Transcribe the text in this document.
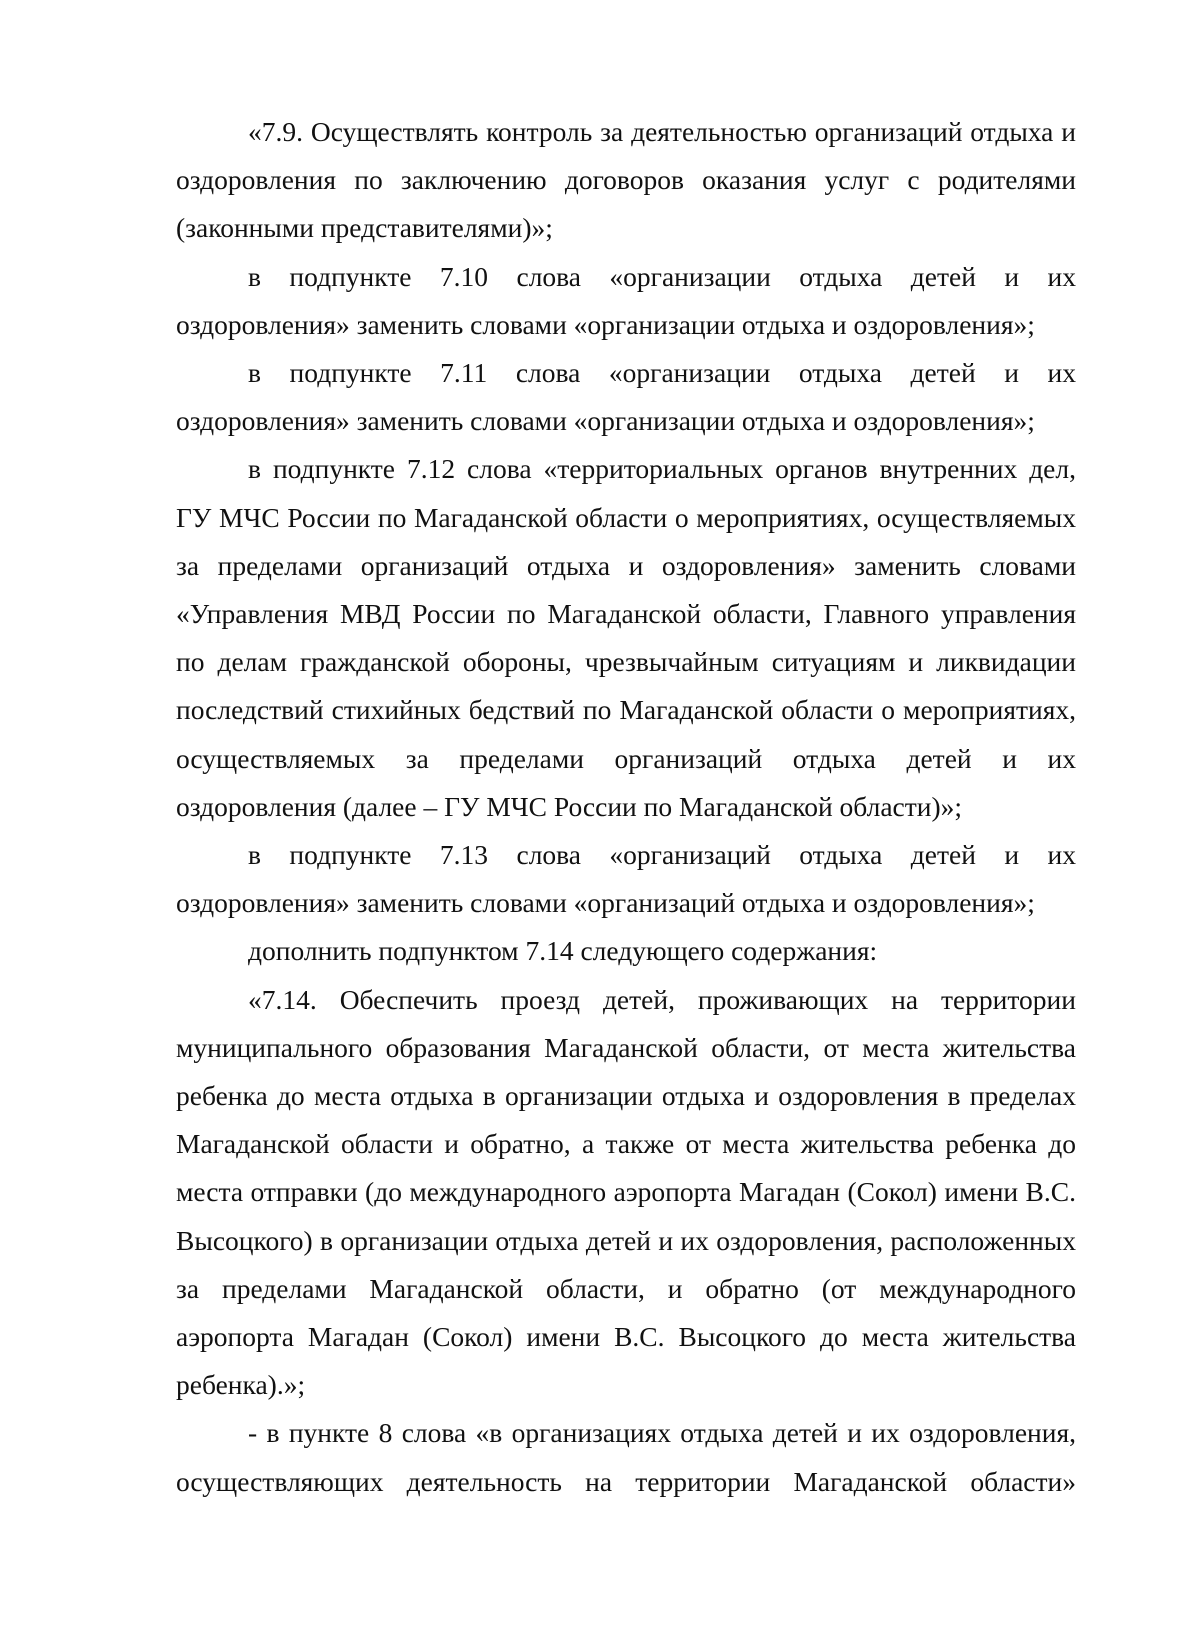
«7.9. Осуществлять контроль за деятельностью организаций отдыха и оздоровления по заключению договоров оказания услуг с родителями (законными представителями)»;

в подпункте 7.10 слова «организации отдыха детей и их оздоровления» заменить словами «организации отдыха и оздоровления»;

в подпункте 7.11 слова «организации отдыха детей и их оздоровления» заменить словами «организации отдыха и оздоровления»;

в подпункте 7.12 слова «территориальных органов внутренних дел, ГУ МЧС России по Магаданской области о мероприятиях, осуществляемых за пределами организаций отдыха и оздоровления» заменить словами «Управления МВД России по Магаданской области, Главного управления по делам гражданской обороны, чрезвычайным ситуациям и ликвидации последствий стихийных бедствий по Магаданской области о мероприятиях, осуществляемых за пределами организаций отдыха детей и их оздоровления (далее – ГУ МЧС России по Магаданской области)»;

в подпункте 7.13 слова «организаций отдыха детей и их оздоровления» заменить словами «организаций отдыха и оздоровления»;

дополнить подпунктом 7.14 следующего содержания:

«7.14. Обеспечить проезд детей, проживающих на территории муниципального образования Магаданской области, от места жительства ребенка до места отдыха в организации отдыха и оздоровления в пределах Магаданской области и обратно, а также от места жительства ребенка до места отправки (до международного аэропорта Магадан (Сокол) имени В.С. Высоцкого) в организации отдыха детей и их оздоровления, расположенных за пределами Магаданской области, и обратно (от международного аэропорта Магадан (Сокол) имени В.С. Высоцкого до места жительства ребенка).»;

- в пункте 8 слова «в организациях отдыха детей и их оздоровления, осуществляющих деятельность на территории Магаданской области»
